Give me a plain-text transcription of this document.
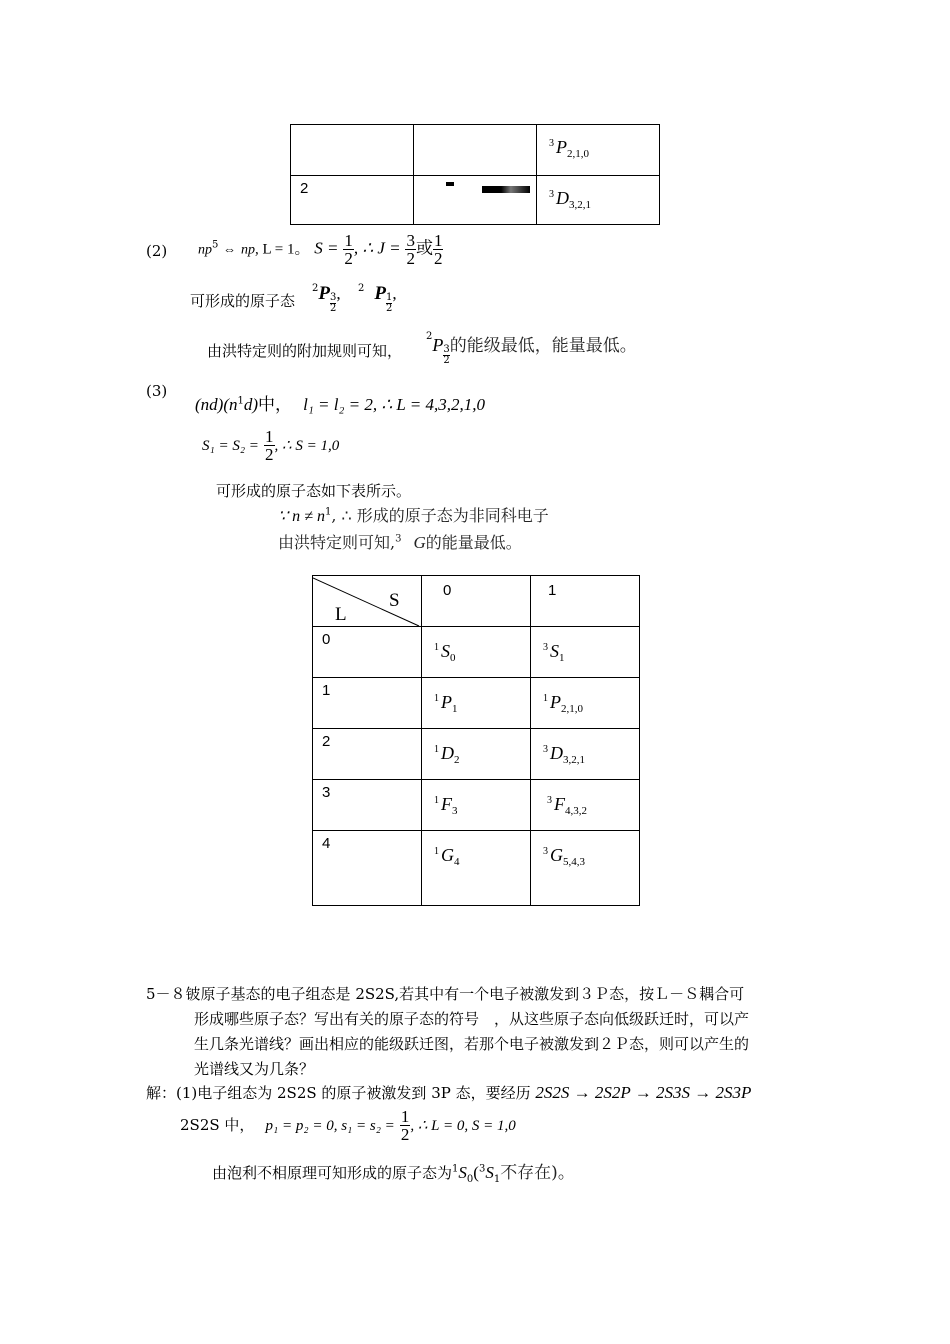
		$^3$ $P_{2,1,0}$

2		$^3$ $D_{3,2,1}$
(2) $np^5$ ⇔ np, L = 1。 $S = \frac{1}{2}$ , ∴ $J = \frac{3}{2}$ 或 $\frac{1}{2}$
可形成的原子态
$^2P \frac{3}{2}$ , $^2$ P $\frac{1}{2}$ ,
由洪特定则的附加规则可知，
$^2P \frac{3}{2}$ 的能级最低，能量最低。
(3)
$(nd)(n^1d)$中， l₁ = l₂ = 2, ∴ L = 4,3,2,1,0
$S_1 = S_2 = \frac{1}{2}$ , ∴ S = 1,0
可形成的原子态如下表所示。
∵ $n \ne n^1$, ∴ 形成的原子态为非同科电子
由洪特定则可知,$^3$ G的能量最低。
S
L	0	1

0	$^1$ $S_0$	$^3$ $S_1$

1	$^1$ $P_1$	$^1$ $P_{2,1,0}$

2	$^1$ $D_2$	$^3$ $D_{3,2,1}$

3	$^1$ $F_3$	$^3$ $F_{4,3,2}$

4	$^1$ $G_4$	$^3$ $G_{5,4,3}$
5－８铍原子基态的电子组态是 2S2S,若其中有一个电子被激发到３Ｐ态，按Ｌ－Ｓ耦合可
形成哪些原子态？写出有关的原子态的符号　，从这些原子态向低级跃迁时，可以产
生几条光谱线？画出相应的能级跃迁图，若那个电子被激发到２Ｐ态，则可以产生的
光谱线又为几条？
解：(1)电子组态为 2S2S 的原子被激发到 3P 态，要经历 2S2S → 2S2P → 2S3S → 2S3P
2S2S 中， p₁ = p₂ = 0, $s_1 = s_2 = \frac{1}{2}$ , ∴ L = 0, S = 1,0
由泡利不相原理可知形成的原子态为$^1S_0(^3S_1$不存在)。
